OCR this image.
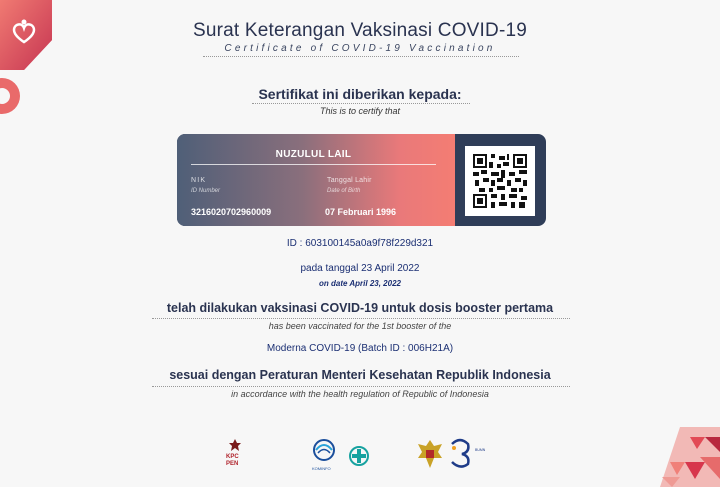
Surat Keterangan Vaksinasi COVID-19
Certificate of COVID-19 Vaccination
Sertifikat ini diberikan kepada:
This is to certify that
NUZULUL LAIL
NIK
ID Number
3216020702960009
Tanggal Lahir
Date of Birth
07 Februari 1996
ID : 603100145a0a9f78f229d321
pada tanggal 23 April 2022
on date April 23, 2022
telah dilakukan vaksinasi COVID-19 untuk dosis booster pertama
has been vaccinated for the 1st booster of the
Moderna COVID-19 (Batch ID : 006H21A)
sesuai dengan Peraturan Menteri Kesehatan Republik Indonesia
in accordance with the health regulation of Republic of Indonesia
KPC PEN
KOMINFO
BUMN
